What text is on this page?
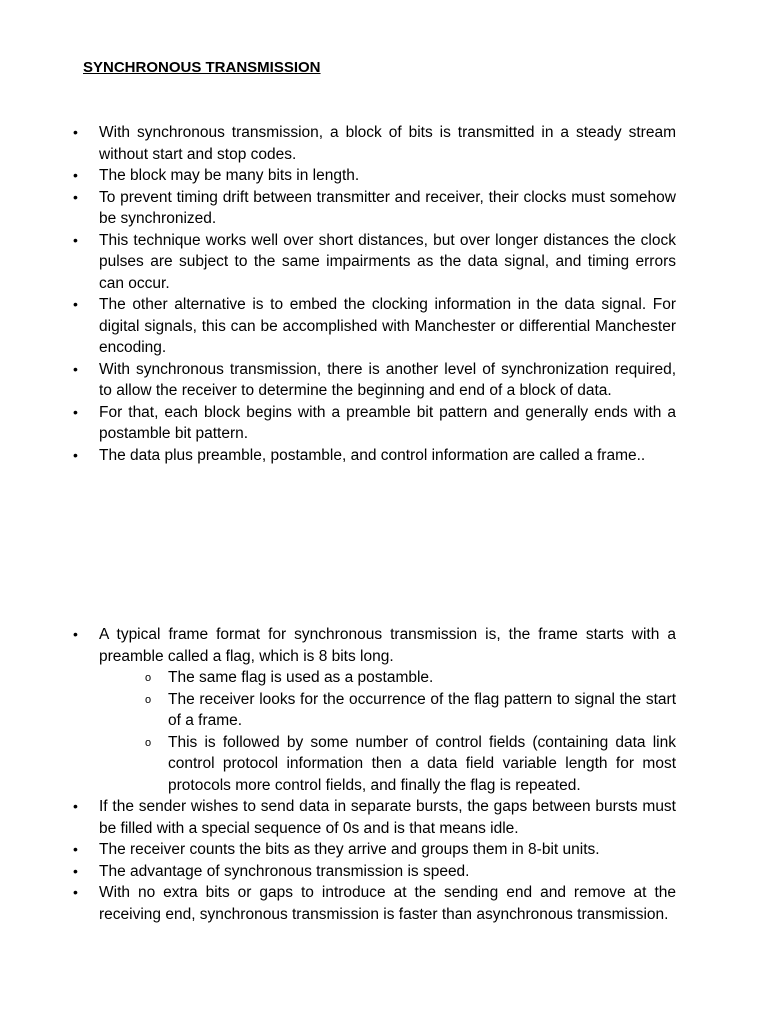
SYNCHRONOUS TRANSMISSION
• With synchronous transmission, a block of bits is transmitted in a steady stream without start and stop codes.
• The block may be many bits in length.
• To prevent timing drift between transmitter and receiver, their clocks must somehow be synchronized.
• This technique works well over short distances, but over longer distances the clock pulses are subject to the same impairments as the data signal, and timing errors can occur.
• The other alternative is to embed the clocking information in the data signal. For digital signals, this can be accomplished with Manchester or differential Manchester encoding.
• With synchronous transmission, there is another level of synchronization required, to allow the receiver to determine the beginning and end of a block of data.
• For that, each block begins with a preamble bit pattern and generally ends with a postamble bit pattern.
• The data plus preamble, postamble, and control information are called a frame..
• A typical frame format for synchronous transmission is, the frame starts with a preamble called a flag, which is 8 bits long.
o The same flag is used as a postamble.
o The receiver looks for the occurrence of the flag pattern to signal the start of a frame.
o This is followed by some number of control fields (containing data link control protocol information then a data field variable length for most protocols more control fields, and finally the flag is repeated.
• If the sender wishes to send data in separate bursts, the gaps between bursts must be filled with a special sequence of 0s and is that means idle.
• The receiver counts the bits as they arrive and groups them in 8-bit units.
• The advantage of synchronous transmission is speed.
• With no extra bits or gaps to introduce at the sending end and remove at the receiving end, synchronous transmission is faster than asynchronous transmission.
